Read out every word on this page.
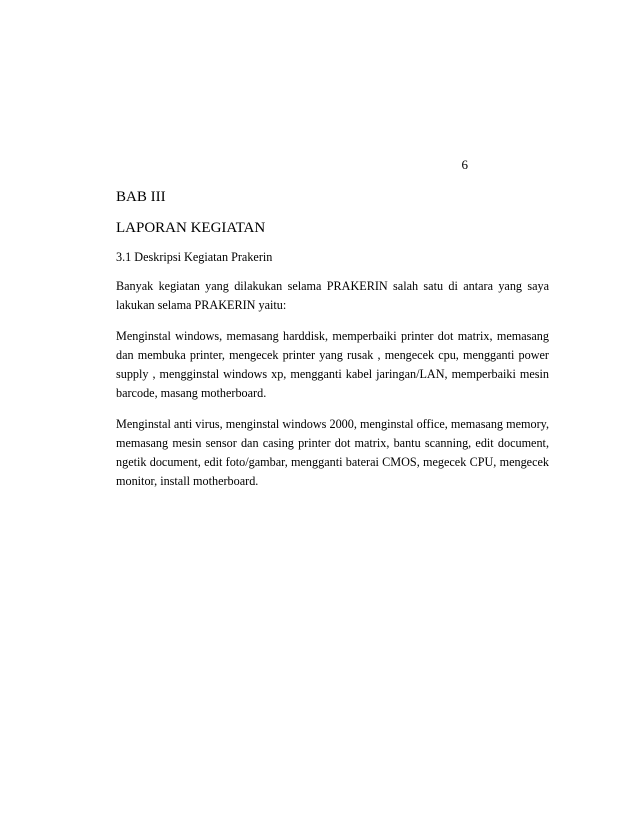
6
BAB III
LAPORAN KEGIATAN
3.1 Deskripsi Kegiatan Prakerin

Banyak kegiatan yang dilakukan selama PRAKERIN salah satu di antara yang saya lakukan selama PRAKERIN yaitu:

Menginstal windows, memasang harddisk, memperbaiki printer dot matrix, memasang dan membuka printer, mengecek printer yang rusak , mengecek cpu, mengganti power supply , mengginstal windows xp, mengganti kabel jaringan/LAN, memperbaiki mesin barcode, masang motherboard.

Menginstal anti virus, menginstal windows 2000, menginstal office, memasang memory, memasang mesin sensor dan casing printer dot matrix, bantu scanning, edit document, ngetik document, edit foto/gambar, mengganti baterai CMOS, megecek CPU, mengecek monitor, install motherboard.
